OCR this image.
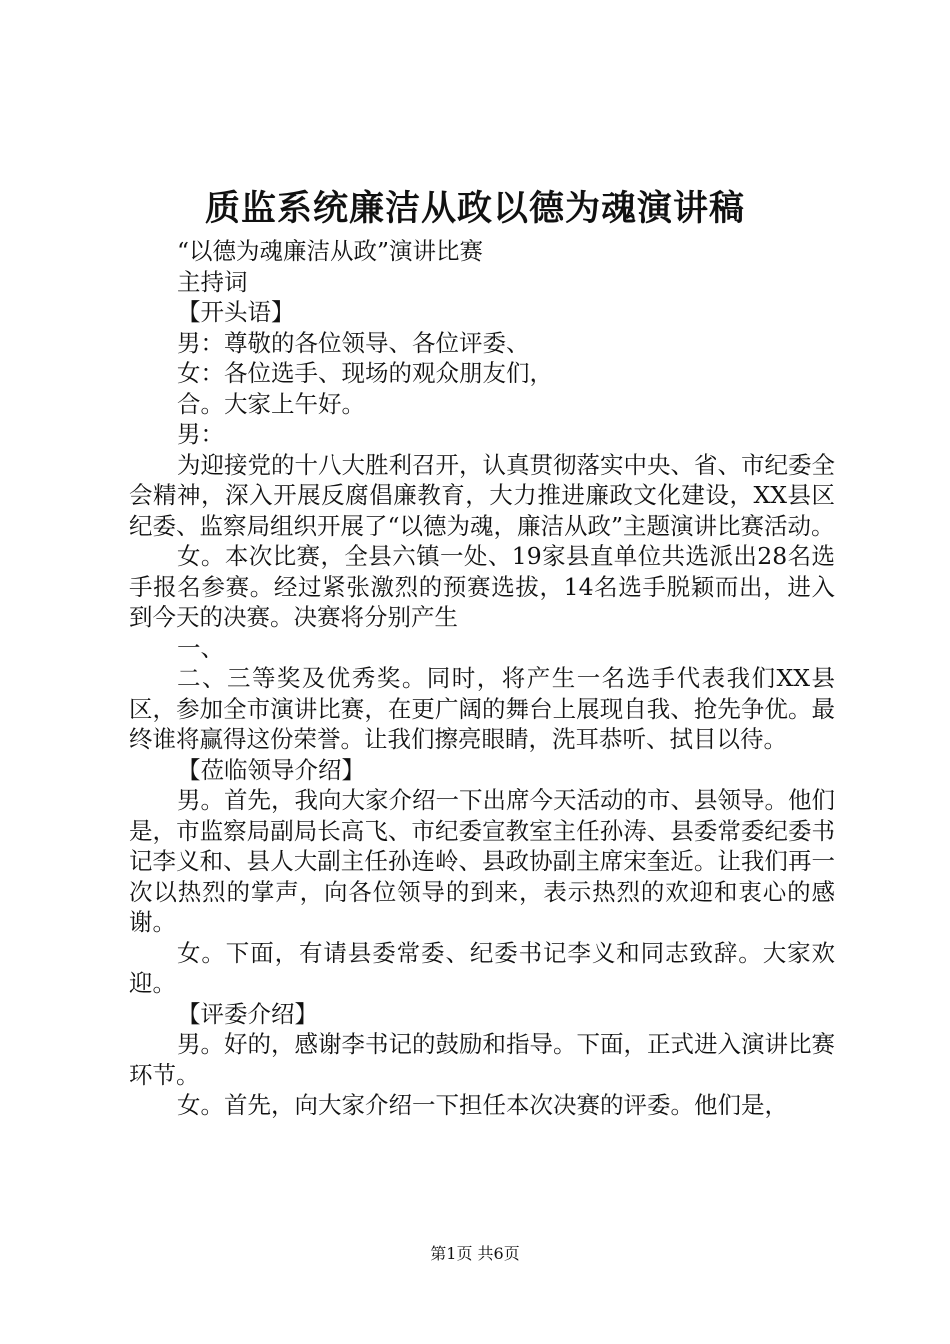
质监系统廉洁从政以德为魂演讲稿

“以德为魂廉洁从政”演讲比赛

主持词

【开头语】

男：尊敬的各位领导、各位评委、

女：各位选手、现场的观众朋友们，

合。大家上午好。

男：

为迎接党的十八大胜利召开，认真贯彻落实中央、省、市纪委全会精神，深入开展反腐倡廉教育，大力推进廉政文化建设，XX县区纪委、监察局组织开展了“以德为魂，廉洁从政”主题演讲比赛活动。

女。本次比赛，全县六镇一处、19家县直单位共选派出28名选手报名参赛。经过紧张激烈的预赛选拔，14名选手脱颖而出，进入到今天的决赛。决赛将分别产生

一、

二、三等奖及优秀奖。同时，将产生一名选手代表我们XX县区，参加全市演讲比赛，在更广阔的舞台上展现自我、抢先争优。最终谁将赢得这份荣誉。让我们擦亮眼睛，洗耳恭听、拭目以待。

【莅临领导介绍】

男。首先，我向大家介绍一下出席今天活动的市、县领导。他们是，市监察局副局长高飞、市纪委宣教室主任孙涛、县委常委纪委书记李义和、县人大副主任孙连岭、县政协副主席宋奎近。让我们再一次以热烈的掌声，向各位领导的到来，表示热烈的欢迎和衷心的感谢。

女。下面，有请县委常委、纪委书记李义和同志致辞。大家欢迎。

【评委介绍】

男。好的，感谢李书记的鼓励和指导。下面，正式进入演讲比赛环节。

女。首先，向大家介绍一下担任本次决赛的评委。他们是，

第1页 共6页
